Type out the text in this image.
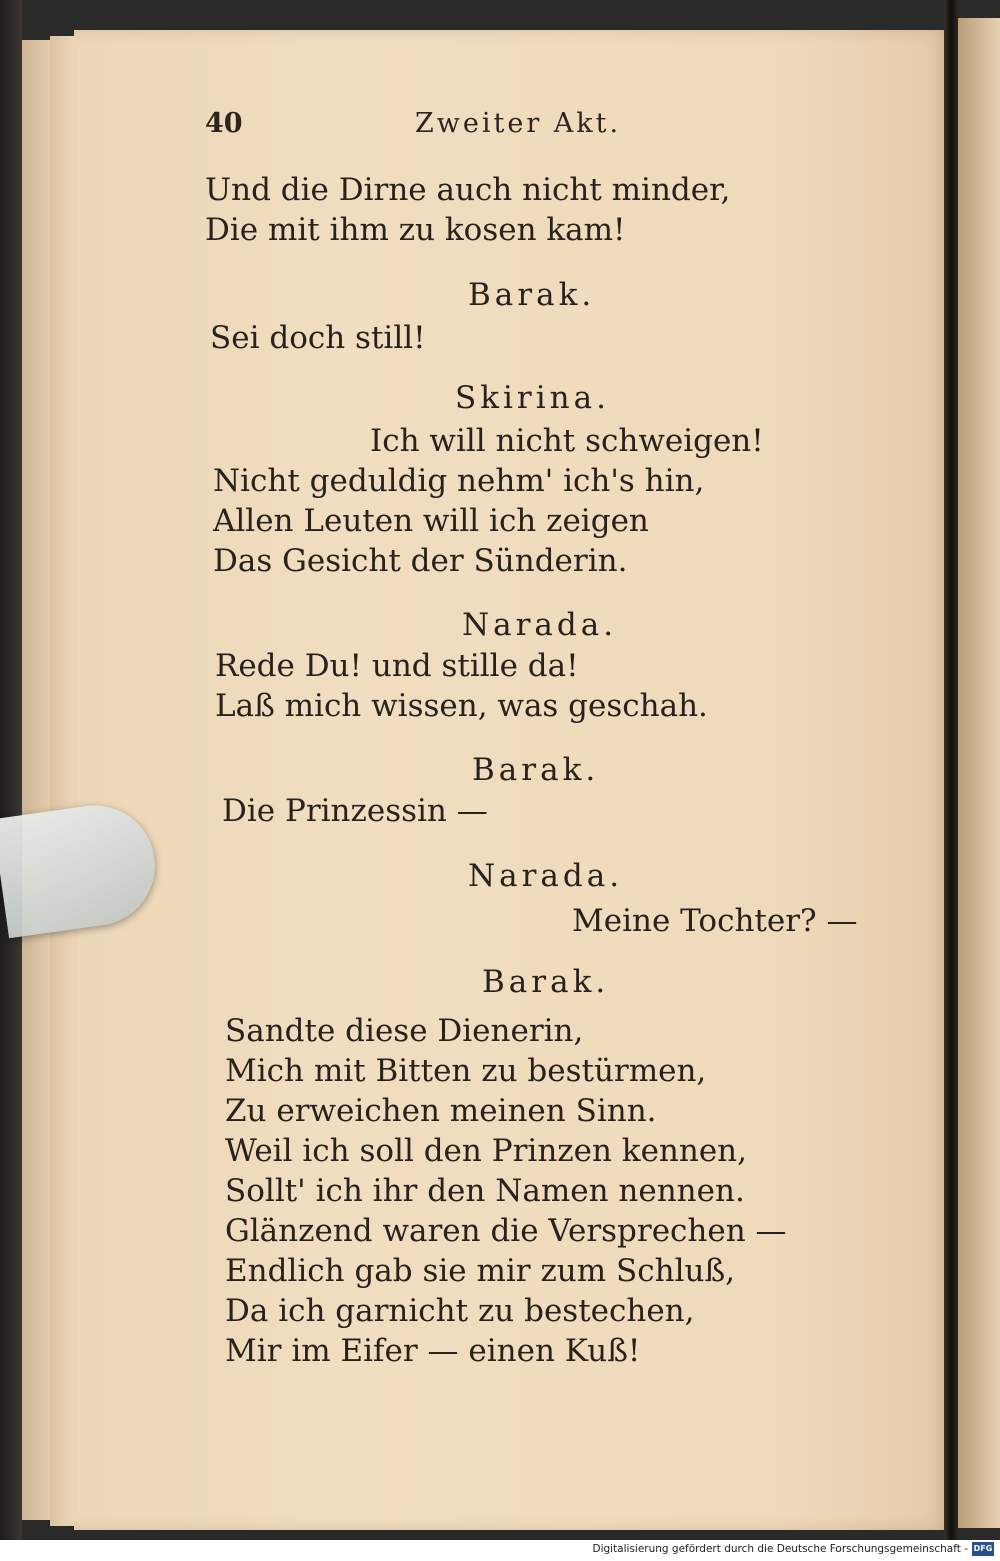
40	Zweiter Akt.
Und die Dirne auch nicht minder,
Die mit ihm zu kosen kam!
Barak.
Sei doch still!
Skirina.
Ich will nicht schweigen!
Nicht geduldig nehm' ich's hin,
Allen Leuten will ich zeigen
Das Gesicht der Sünderin.
Narada.
Rede Du! und stille da!
Laß mich wissen, was geschah.
Barak.
Die Prinzessin —
Narada.
Meine Tochter? —
Barak.
Sandte diese Dienerin,
Mich mit Bitten zu bestürmen,
Zu erweichen meinen Sinn.
Weil ich soll den Prinzen kennen,
Sollt' ich ihr den Namen nennen.
Glänzend waren die Versprechen —
Endlich gab sie mir zum Schluß,
Da ich garnicht zu bestechen,
Mir im Eifer — einen Kuß!
Digitalisierung gefördert durch die Deutsche Forschungsgemeinschaft - DFG
